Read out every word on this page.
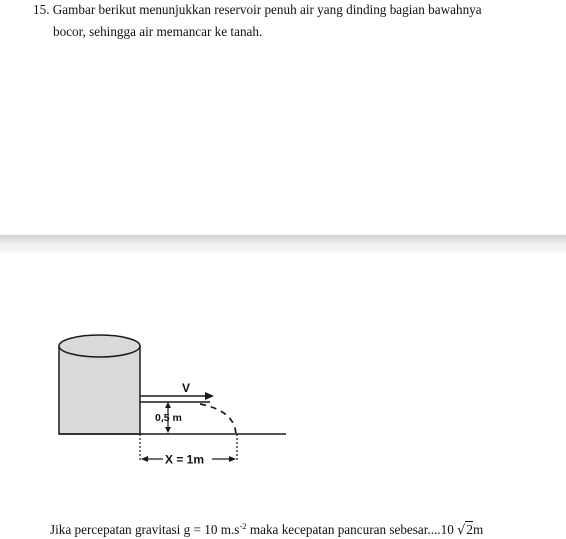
15. Gambar berikut menunjukkan reservoir penuh air yang dinding bagian bawahnya
bocor, sehingga air memancar ke tanah.
V
0,5 m
X = 1m
Jika percepatan gravitasi g = 10 $m.s^{-2}$ maka kecepatan pancuran sebesar....10 √2m
